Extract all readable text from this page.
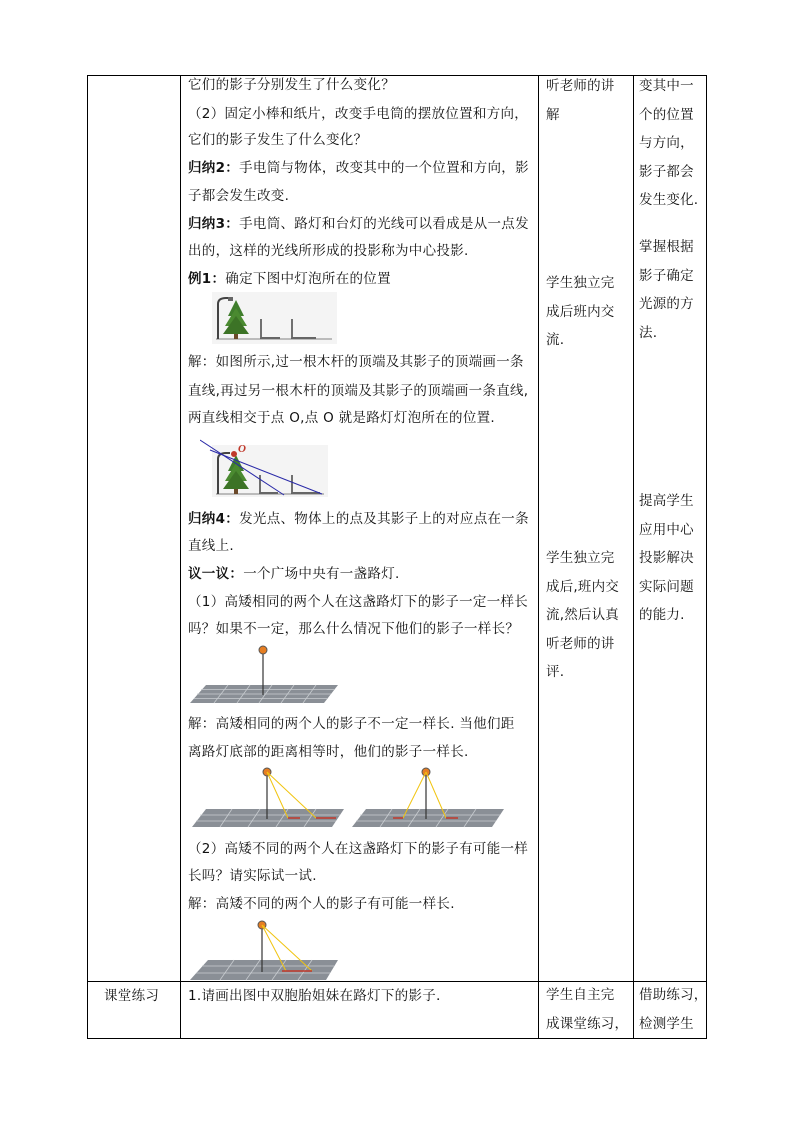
它们的影子分别发生了什么变化？
（2）固定小棒和纸片，改变手电筒的摆放位置和方向，
它们的影子发生了什么变化？
归纳2：手电筒与物体，改变其中的一个位置和方向，影
子都会发生改变.
归纳3：手电筒、路灯和台灯的光线可以看成是从一点发
出的，这样的光线所形成的投影称为中心投影.
例1：确定下图中灯泡所在的位置
解：如图所示,过一根木杆的顶端及其影子的顶端画一条
直线,再过另一根木杆的顶端及其影子的顶端画一条直线,
两直线相交于点 O,点 O 就是路灯灯泡所在的位置.
O
归纳4：发光点、物体上的点及其影子上的对应点在一条
直线上.
议一议：一个广场中央有一盏路灯.
（1）高矮相同的两个人在这盏路灯下的影子一定一样长
吗？如果不一定，那么什么情况下他们的影子一样长？
解：高矮相同的两个人的影子不一定一样长. 当他们距
离路灯底部的距离相等时，他们的影子一样长.
（2）高矮不同的两个人在这盏路灯下的影子有可能一样
长吗？请实际试一试.
解：高矮不同的两个人的影子有可能一样长.
听老师的讲
解
学生独立完
成后班内交
流.
学生独立完
成后,班内交
流,然后认真
听老师的讲
评.
变其中一
个的位置
与方向，
影子都会
发生变化.
掌握根据
影子确定
光源的方
法.
提高学生
应用中心
投影解决
实际问题
的能力.
课堂练习 1.请画出图中双胞胎姐妹在路灯下的影子．	学生自主完
成课堂练习，
借助练习，
检测学生
